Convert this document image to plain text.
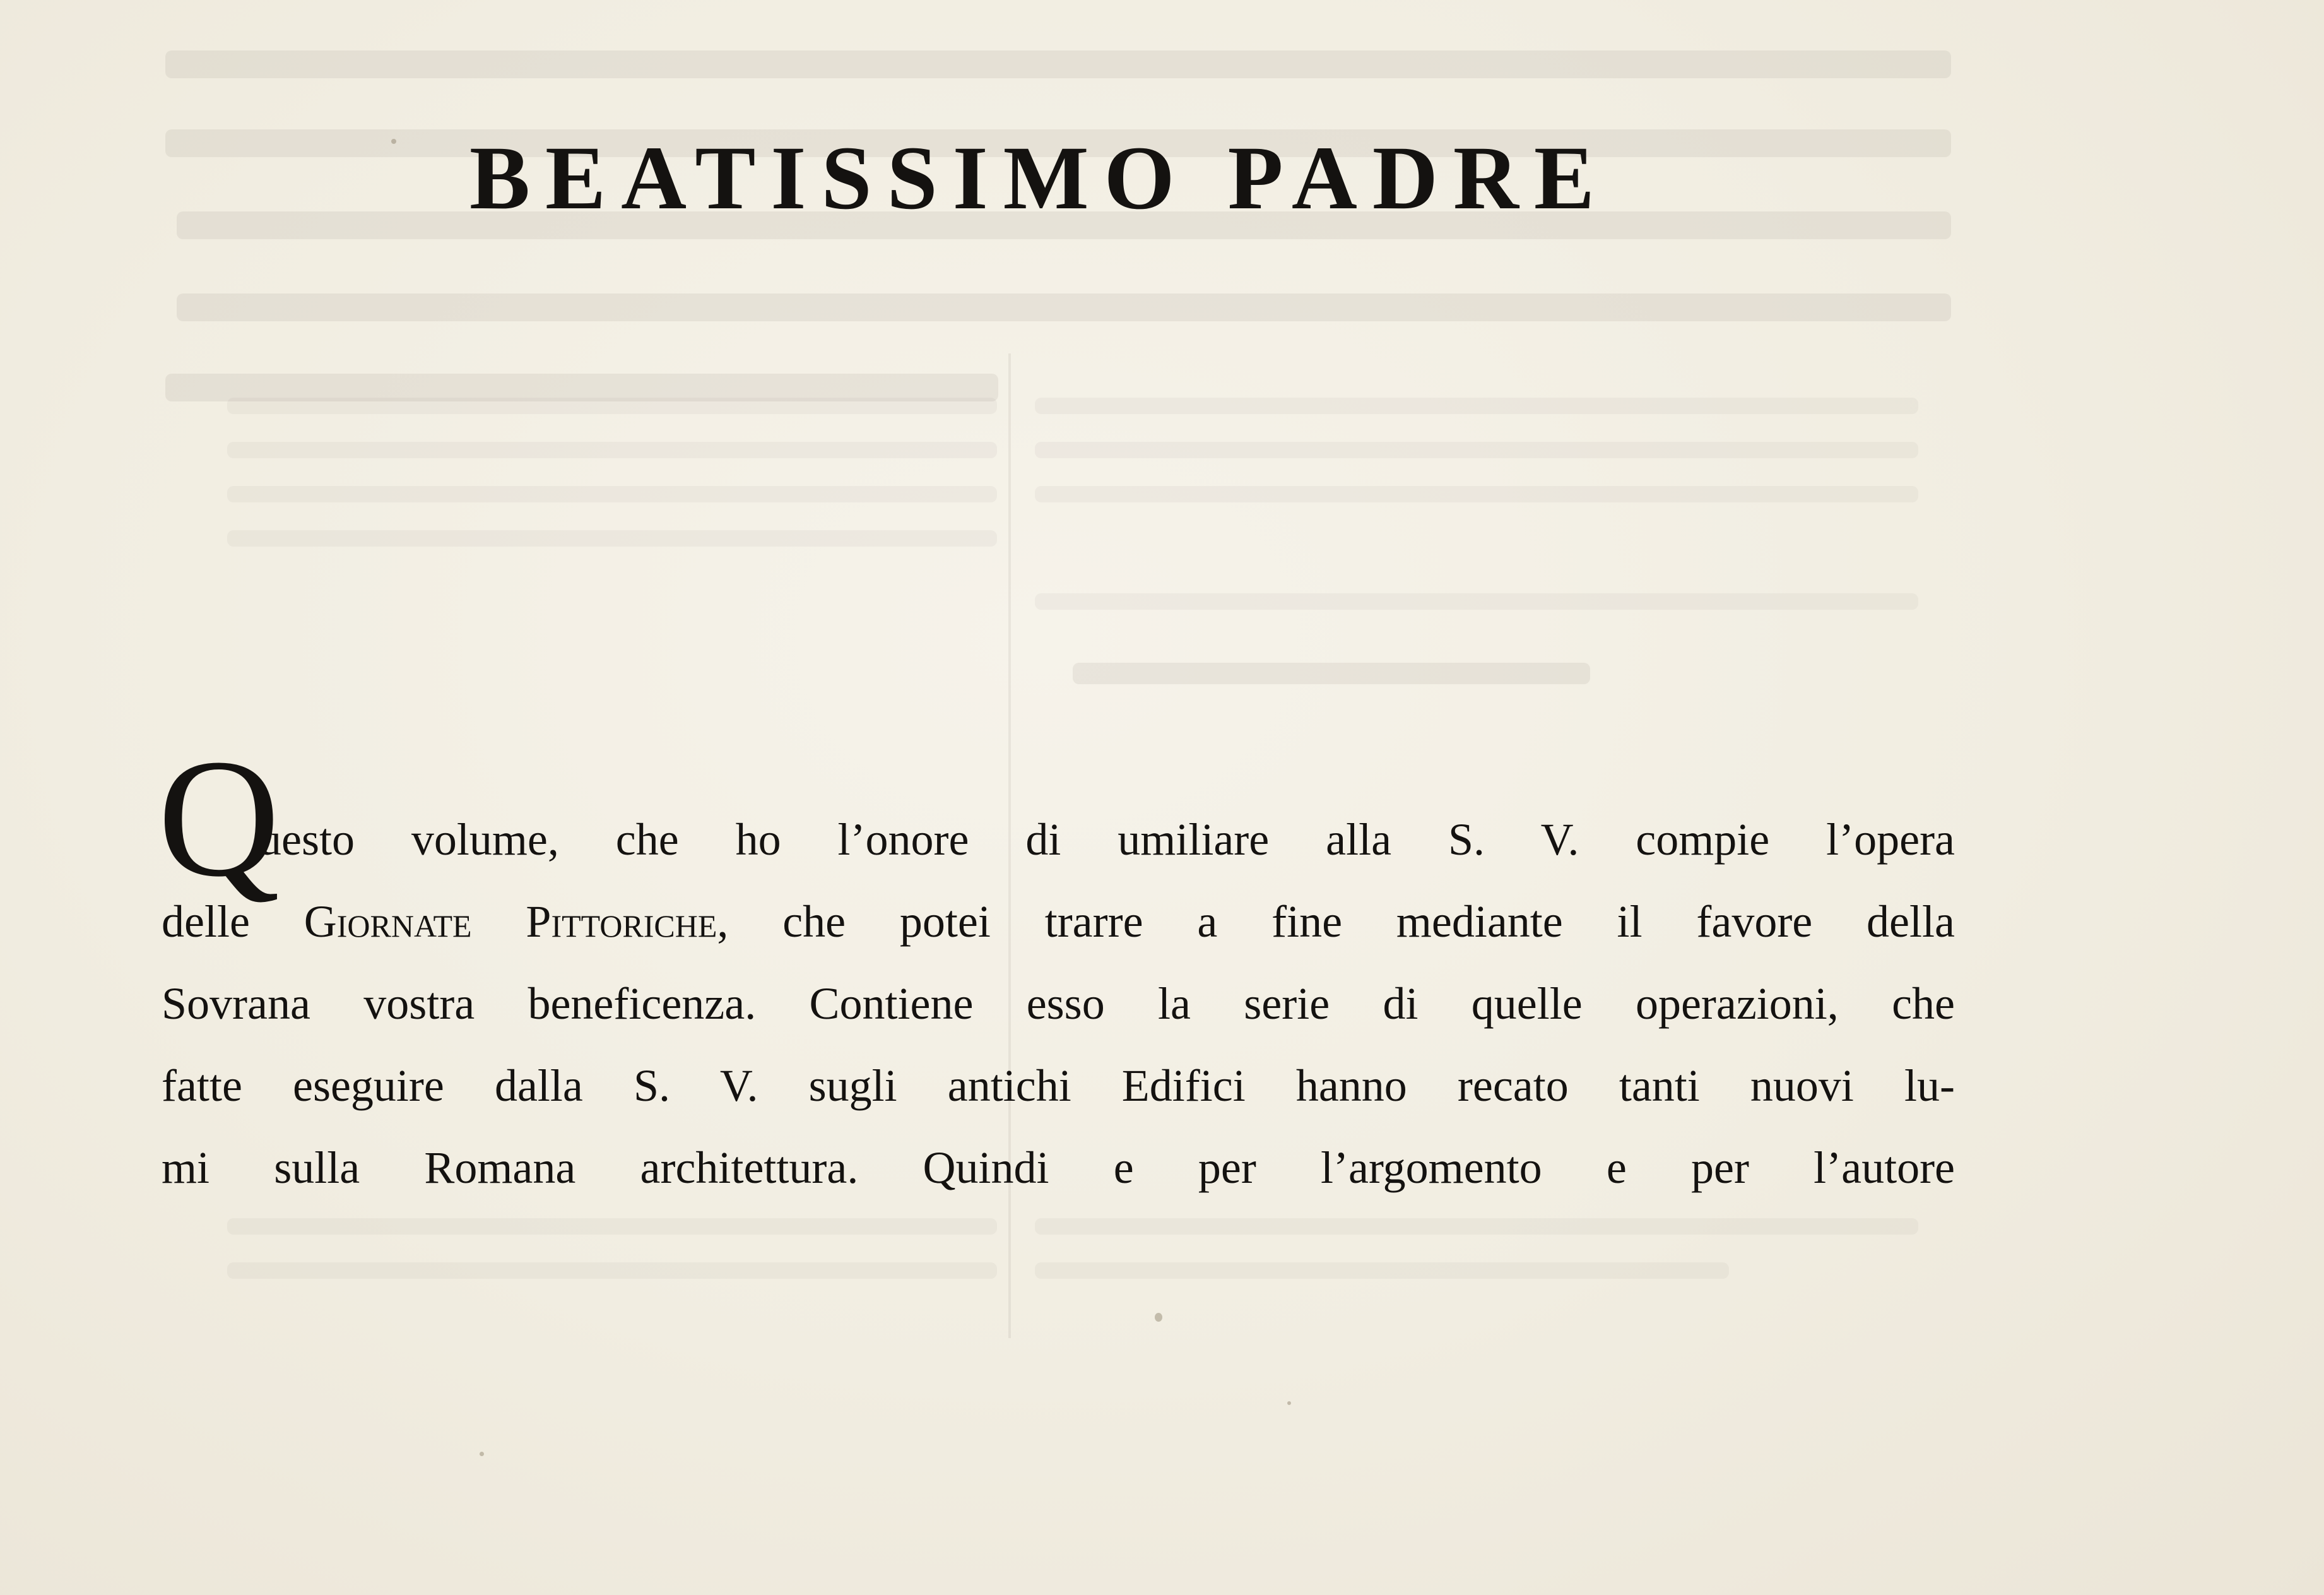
BEATISSIMO PADRE
Q
uesto volume, che ho l’onore di umiliare alla S. V. compie l’opera
delle Giornate Pittoriche, che potei trarre a fine mediante il favore della
Sovrana vostra beneficenza. Contiene esso la serie di quelle operazioni, che
fatte eseguire dalla S. V. sugli antichi Edifici hanno recato tanti nuovi lu-
mi sulla Romana architettura. Quindi e per l’argomento e per l’autore
